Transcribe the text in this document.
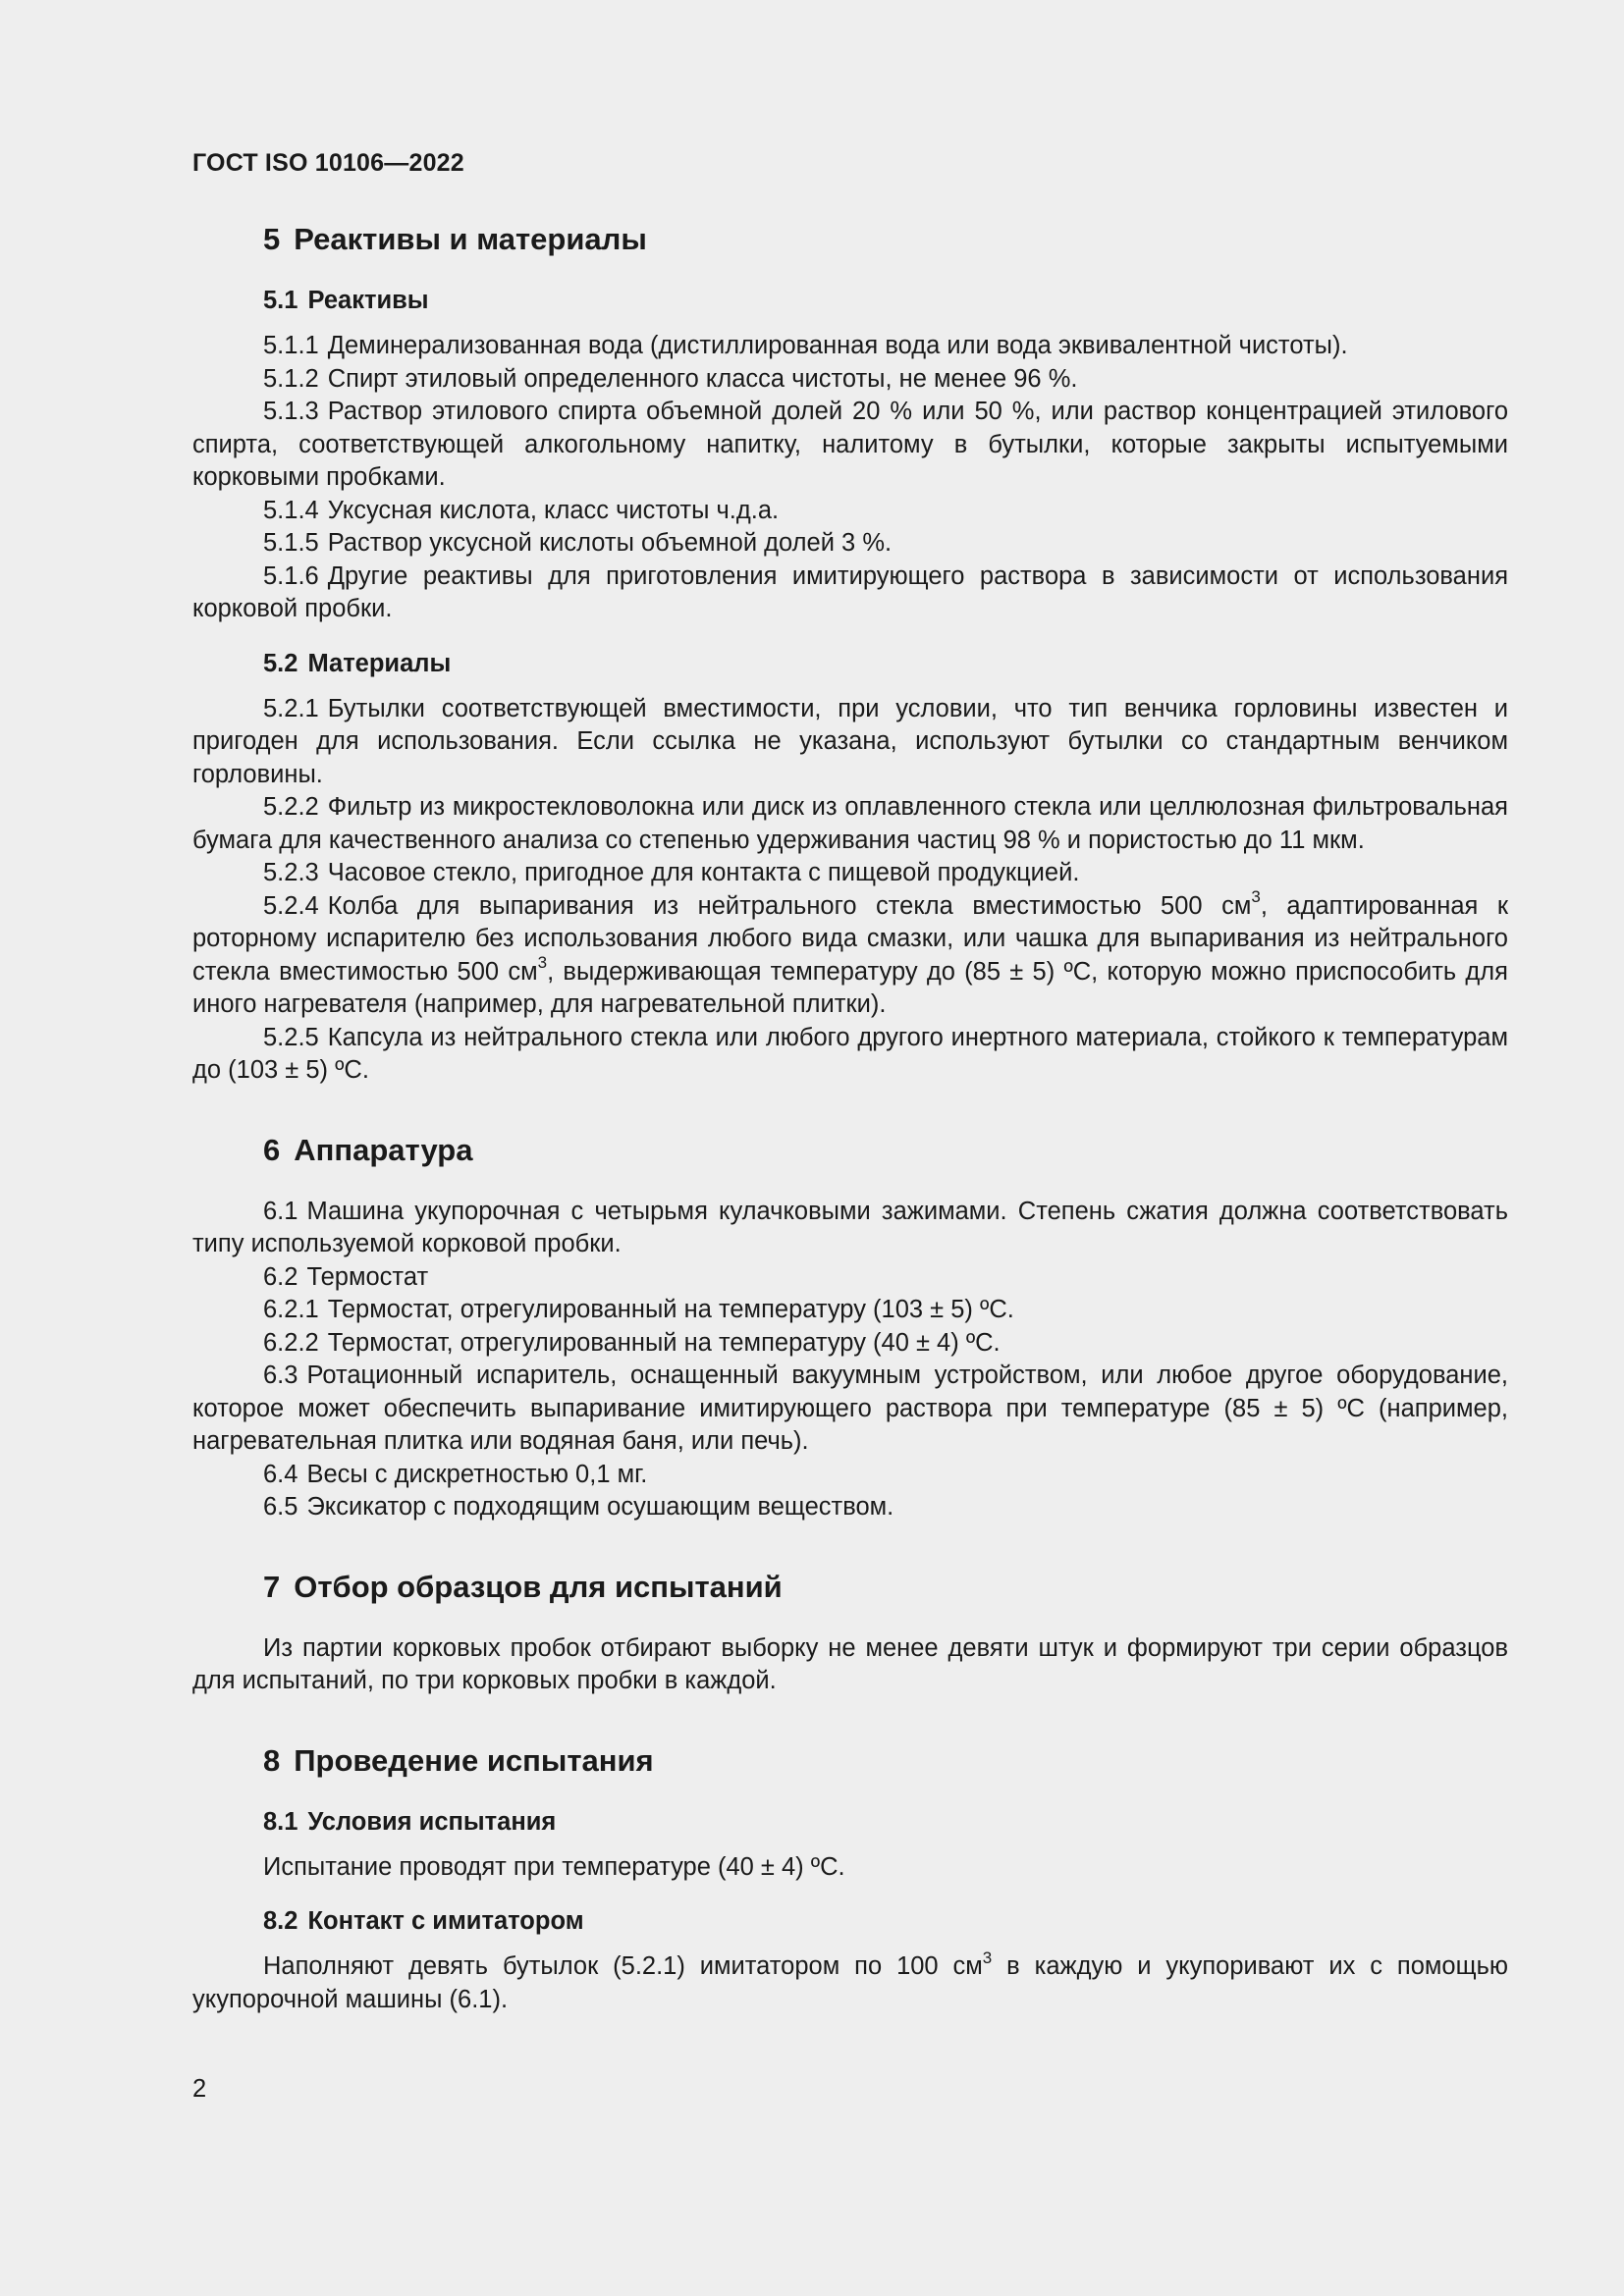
ГОСТ ISO 10106—2022
5 Реактивы и материалы
5.1 Реактивы

5.1.1 Деминерализованная вода (дистиллированная вода или вода эквивалентной чистоты).

5.1.2 Спирт этиловый определенного класса чистоты, не менее 96 %.

5.1.3 Раствор этилового спирта объемной долей 20 % или 50 %, или раствор концентрацией этилового спирта, соответствующей алкогольному напитку, налитому в бутылки, которые закрыты испытуемыми корковыми пробками.

5.1.4 Уксусная кислота, класс чистоты ч.д.а.

5.1.5 Раствор уксусной кислоты объемной долей 3 %.

5.1.6 Другие реактивы для приготовления имитирующего раствора в зависимости от использования корковой пробки.

5.2 Материалы

5.2.1 Бутылки соответствующей вместимости, при условии, что тип венчика горловины известен и пригоден для использования. Если ссылка не указана, используют бутылки со стандартным венчиком горловины.

5.2.2 Фильтр из микростекловолокна или диск из оплавленного стекла или целлюлозная фильтровальная бумага для качественного анализа со степенью удерживания частиц 98 % и пористостью до 11 мкм.

5.2.3 Часовое стекло, пригодное для контакта с пищевой продукцией.

5.2.4 Колба для выпаривания из нейтрального стекла вместимостью 500 $см^3$, адаптированная к роторному испарителю без использования любого вида смазки, или чашка для выпаривания из нейтрального стекла вместимостью 500 $см^3$, выдерживающая температуру до (85 ± 5) ºС, которую можно приспособить для иного нагревателя (например, для нагревательной плитки).

5.2.5 Капсула из нейтрального стекла или любого другого инертного материала, стойкого к температурам до (103 ± 5) ºС.

6 Аппаратура

6.1 Машина укупорочная с четырьмя кулачковыми зажимами. Степень сжатия должна соответствовать типу используемой корковой пробки.

6.2 Термостат

6.2.1 Термостат, отрегулированный на температуру (103 ± 5) ºС.

6.2.2 Термостат, отрегулированный на температуру (40 ± 4) ºС.

6.3 Ротационный испаритель, оснащенный вакуумным устройством, или любое другое оборудование, которое может обеспечить выпаривание имитирующего раствора при температуре (85 ± 5) ºС (например, нагревательная плитка или водяная баня, или печь).

6.4 Весы с дискретностью 0,1 мг.

6.5 Эксикатор с подходящим осушающим веществом.

7 Отбор образцов для испытаний

Из партии корковых пробок отбирают выборку не менее девяти штук и формируют три серии образцов для испытаний, по три корковых пробки в каждой.

8 Проведение испытания
8.1 Условия испытания

Испытание проводят при температуре (40 ± 4) ºС.

8.2 Контакт с имитатором

Наполняют девять бутылок (5.2.1) имитатором по 100 $см^3$ в каждую и укупоривают их с помощью укупорочной машины (6.1).

2
